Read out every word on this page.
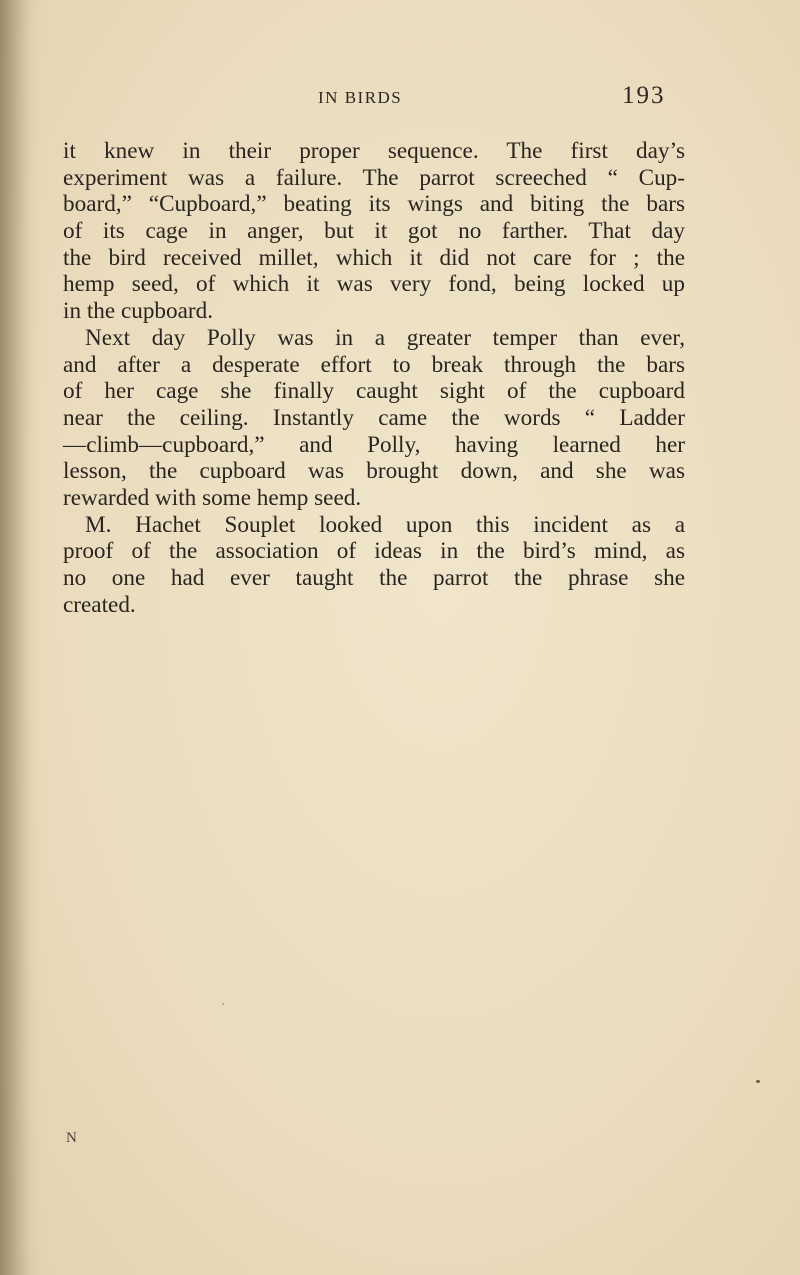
IN BIRDS	193
it knew in their proper sequence. The first day’s
experiment was a failure. The parrot screeched “ Cup-
board,” “Cupboard,” beating its wings and biting the bars
of its cage in anger, but it got no farther. That day
the bird received millet, which it did not care for ; the
hemp seed, of which it was very fond, being locked up
in the cupboard.
Next day Polly was in a greater temper than ever,
and after a desperate effort to break through the bars
of her cage she finally caught sight of the cupboard
near the ceiling. Instantly came the words “ Ladder
—climb—cupboard,” and Polly, having learned her
lesson, the cupboard was brought down, and she was
rewarded with some hemp seed.
M. Hachet Souplet looked upon this incident as a
proof of the association of ideas in the bird’s mind, as
no one had ever taught the parrot the phrase she
created.
N
